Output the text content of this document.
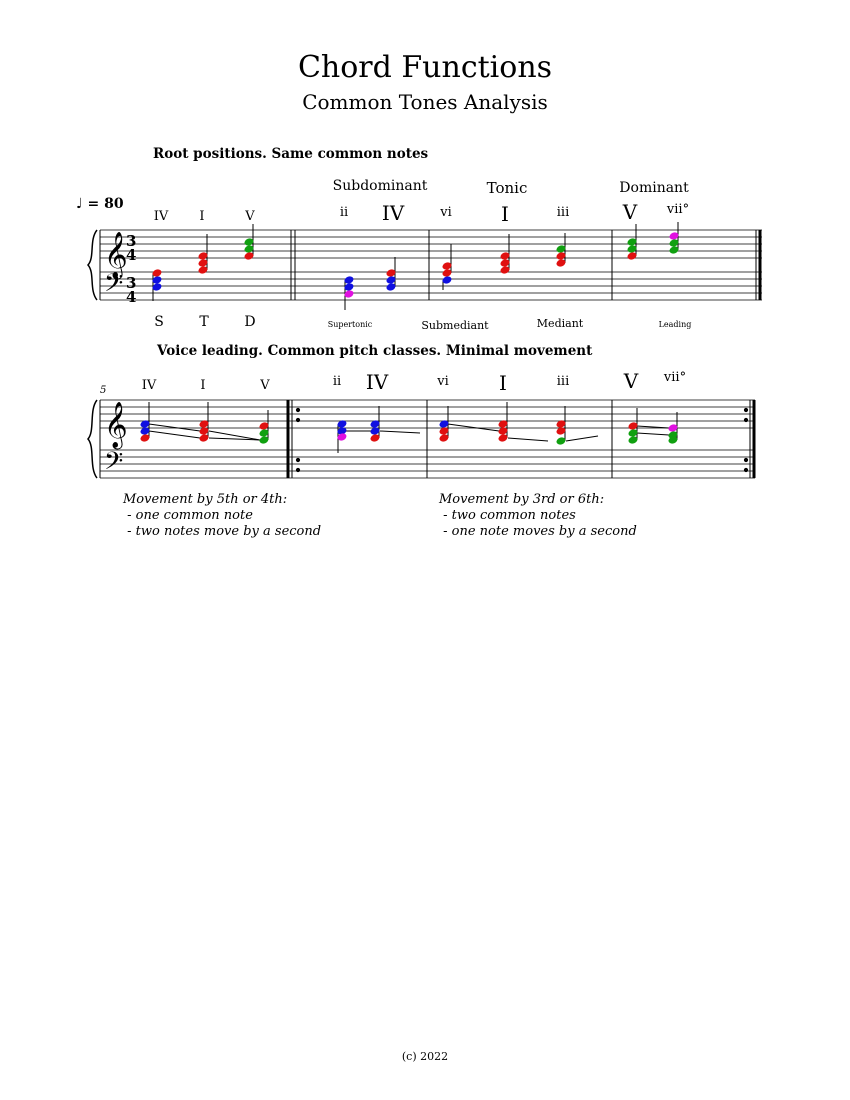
Chord Functions
Common Tones Analysis
Root positions. Same common notes
♩ = 80
Subdominant	Tonic	Dominant
IV I	V	ii IV	vi I	iii	V vii°
S	T	D	Supertonic	Submediant	Mediant	Leading
Voice leading. Common pitch classes. Minimal movement
5	IV	I	V	ii IV	vi	I	iii	V vii°
Movement by 5th or 4th:
- one common note
- two notes move by a second
Movement by 3rd or 6th:
- two common notes
- one note moves by a second
(c) 2022
𝄞
𝄢
3
4
3
4
𝄞
𝄢
